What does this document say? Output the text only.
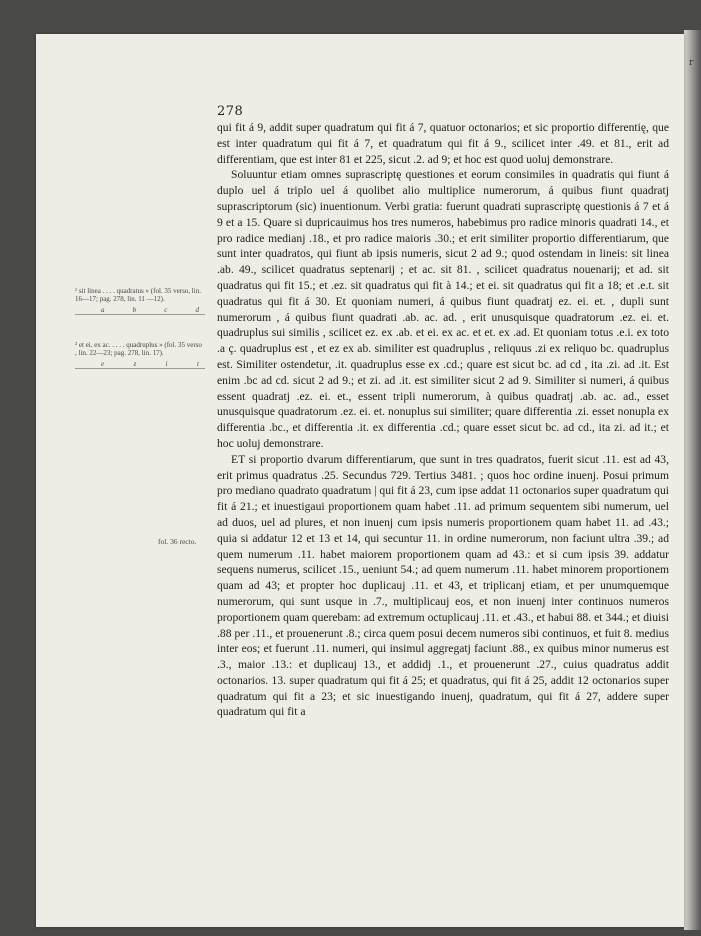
r
278
¹ sit linea . . . . quadratus » (fol. 35 verso, lin. 16—17; pag. 278, lin. 11 —12).
a	b	c	d
² et ei. ex ac. . . . . quadruplus » (fol. 35 verso , lin. 22—23; pag. 278, lin. 17).
e	z	i	t
fol. 36 recto.

qui fit á 9, addit super quadratum qui fit á 7, quatuor octonarios; et sic proportio differentię, que est inter quadratum qui fit á 7, et quadratum qui fit á 9., scilicet inter .49. et 81., erit ad differentiam, que est inter 81 et 225, sicut .2. ad 9; et hoc est quod uoluj demonstrare.

Soluuntur etiam omnes suprascriptę questiones et eorum consimiles in quadratis qui fiunt á duplo uel á triplo uel á quolibet alio multiplice numerorum, á quibus fiunt quadratj suprascriptorum (sic) inuentionum. Verbi gratia: fuerunt quadrati suprascriptę questionis á 7 et á 9 et a 15. Quare si dupricauimus hos tres numeros, habebimus pro radice minoris quadrati 14., et pro radice medianj .18., et pro radice maioris .30.; et erit similiter proportio differentiarum, que sunt inter quadratos, qui fiunt ab ipsis numeris, sicut 2 ad 9.; quod ostendam in lineis: sit linea .ab. 49., scilicet quadratus septenarij ; et ac. sit 81. , scilicet quadratus nouenarij; et ad. sit quadratus qui fit 15.; et .ez. sit quadratus qui fit à 14.; et ei. sit quadratus qui fit a 18; et .e.t. sit quadratus qui fit á 30. Et quoniam numeri, á quibus fiunt quadratj ez. ei. et. , dupli sunt numerorum , á quibus fiunt quadrati .ab. ac. ad. , erit unusquisque quadratorum .ez. ei. et. quadruplus sui similis , scilicet ez. ex .ab. et ei. ex ac. et et. ex .ad. Et quoniam totus .e.i. ex toto .a ç. quadruplus est , et ez ex ab. similiter est quadruplus , reliquus .zi ex reliquo bc. quadruplus est. Similiter ostendetur, .it. quadruplus esse ex .cd.; quare est sicut bc. ad cd , ita .zi. ad .it. Est enim .bc ad cd. sicut 2 ad 9.; et zi. ad .it. est similiter sicut 2 ad 9. Similiter si numeri, á quibus essent quadratj .ez. ei. et., essent tripli numerorum, à quibus quadratj .ab. ac. ad., esset unusquisque quadratorum .ez. ei. et. nonuplus sui similiter; quare differentia .zi. esset nonupla ex differentia .bc., et differentia .it. ex differentia .cd.; quare esset sicut bc. ad cd., ita zi. ad it.; et hoc uoluj demonstrare.

ET si proportio dvarum differentiarum, que sunt in tres quadratos, fuerit sicut .11. est ad 43, erit primus quadratus .25. Secundus 729. Tertius 3481. ; quos hoc ordine inuenj. Posui primum pro mediano quadrato quadratum | qui fit á 23, cum ipse addat 11 octonarios super quadratum qui fit á 21.; et inuestigaui proportionem quam habet .11. ad primum sequentem sibi numerum, uel ad duos, uel ad plures, et non inuenj cum ipsis numeris proportionem quam habet 11. ad .43.; quia si addatur 12 et 13 et 14, qui secuntur 11. in ordine numerorum, non faciunt ultra .39.; ad quem numerum .11. habet maiorem proportionem quam ad 43.: et si cum ipsis 39. addatur sequens numerus, scilicet .15., ueniunt 54.; ad quem numerum .11. habet minorem proportionem quam ad 43; et propter hoc duplicauj .11. et 43, et triplicanj etiam, et per unumquemque numerorum, qui sunt usque in .7., multiplicauj eos, et non inuenj inter continuos numeros proportionem quam querebam: ad extremum octuplicauj .11. et .43., et habui 88. et 344.; et diuisi .88 per .11., et prouenerunt .8.; circa quem posui decem numeros sibi continuos, et fuit 8. medius inter eos; et fuerunt .11. numeri, qui insimul aggregatj faciunt .88., ex quibus minor numerus est .3., maior .13.: et duplicauj 13., et addidj .1., et prouenerunt .27., cuius quadratus addit octonarios. 13. super quadratum qui fit á 25; et quadratus, qui fit á 25, addit 12 octonarios super quadratum qui fit a 23; et sic inuestigando inuenj, quadratum, qui fit á 27, addere super quadratum qui fit a
